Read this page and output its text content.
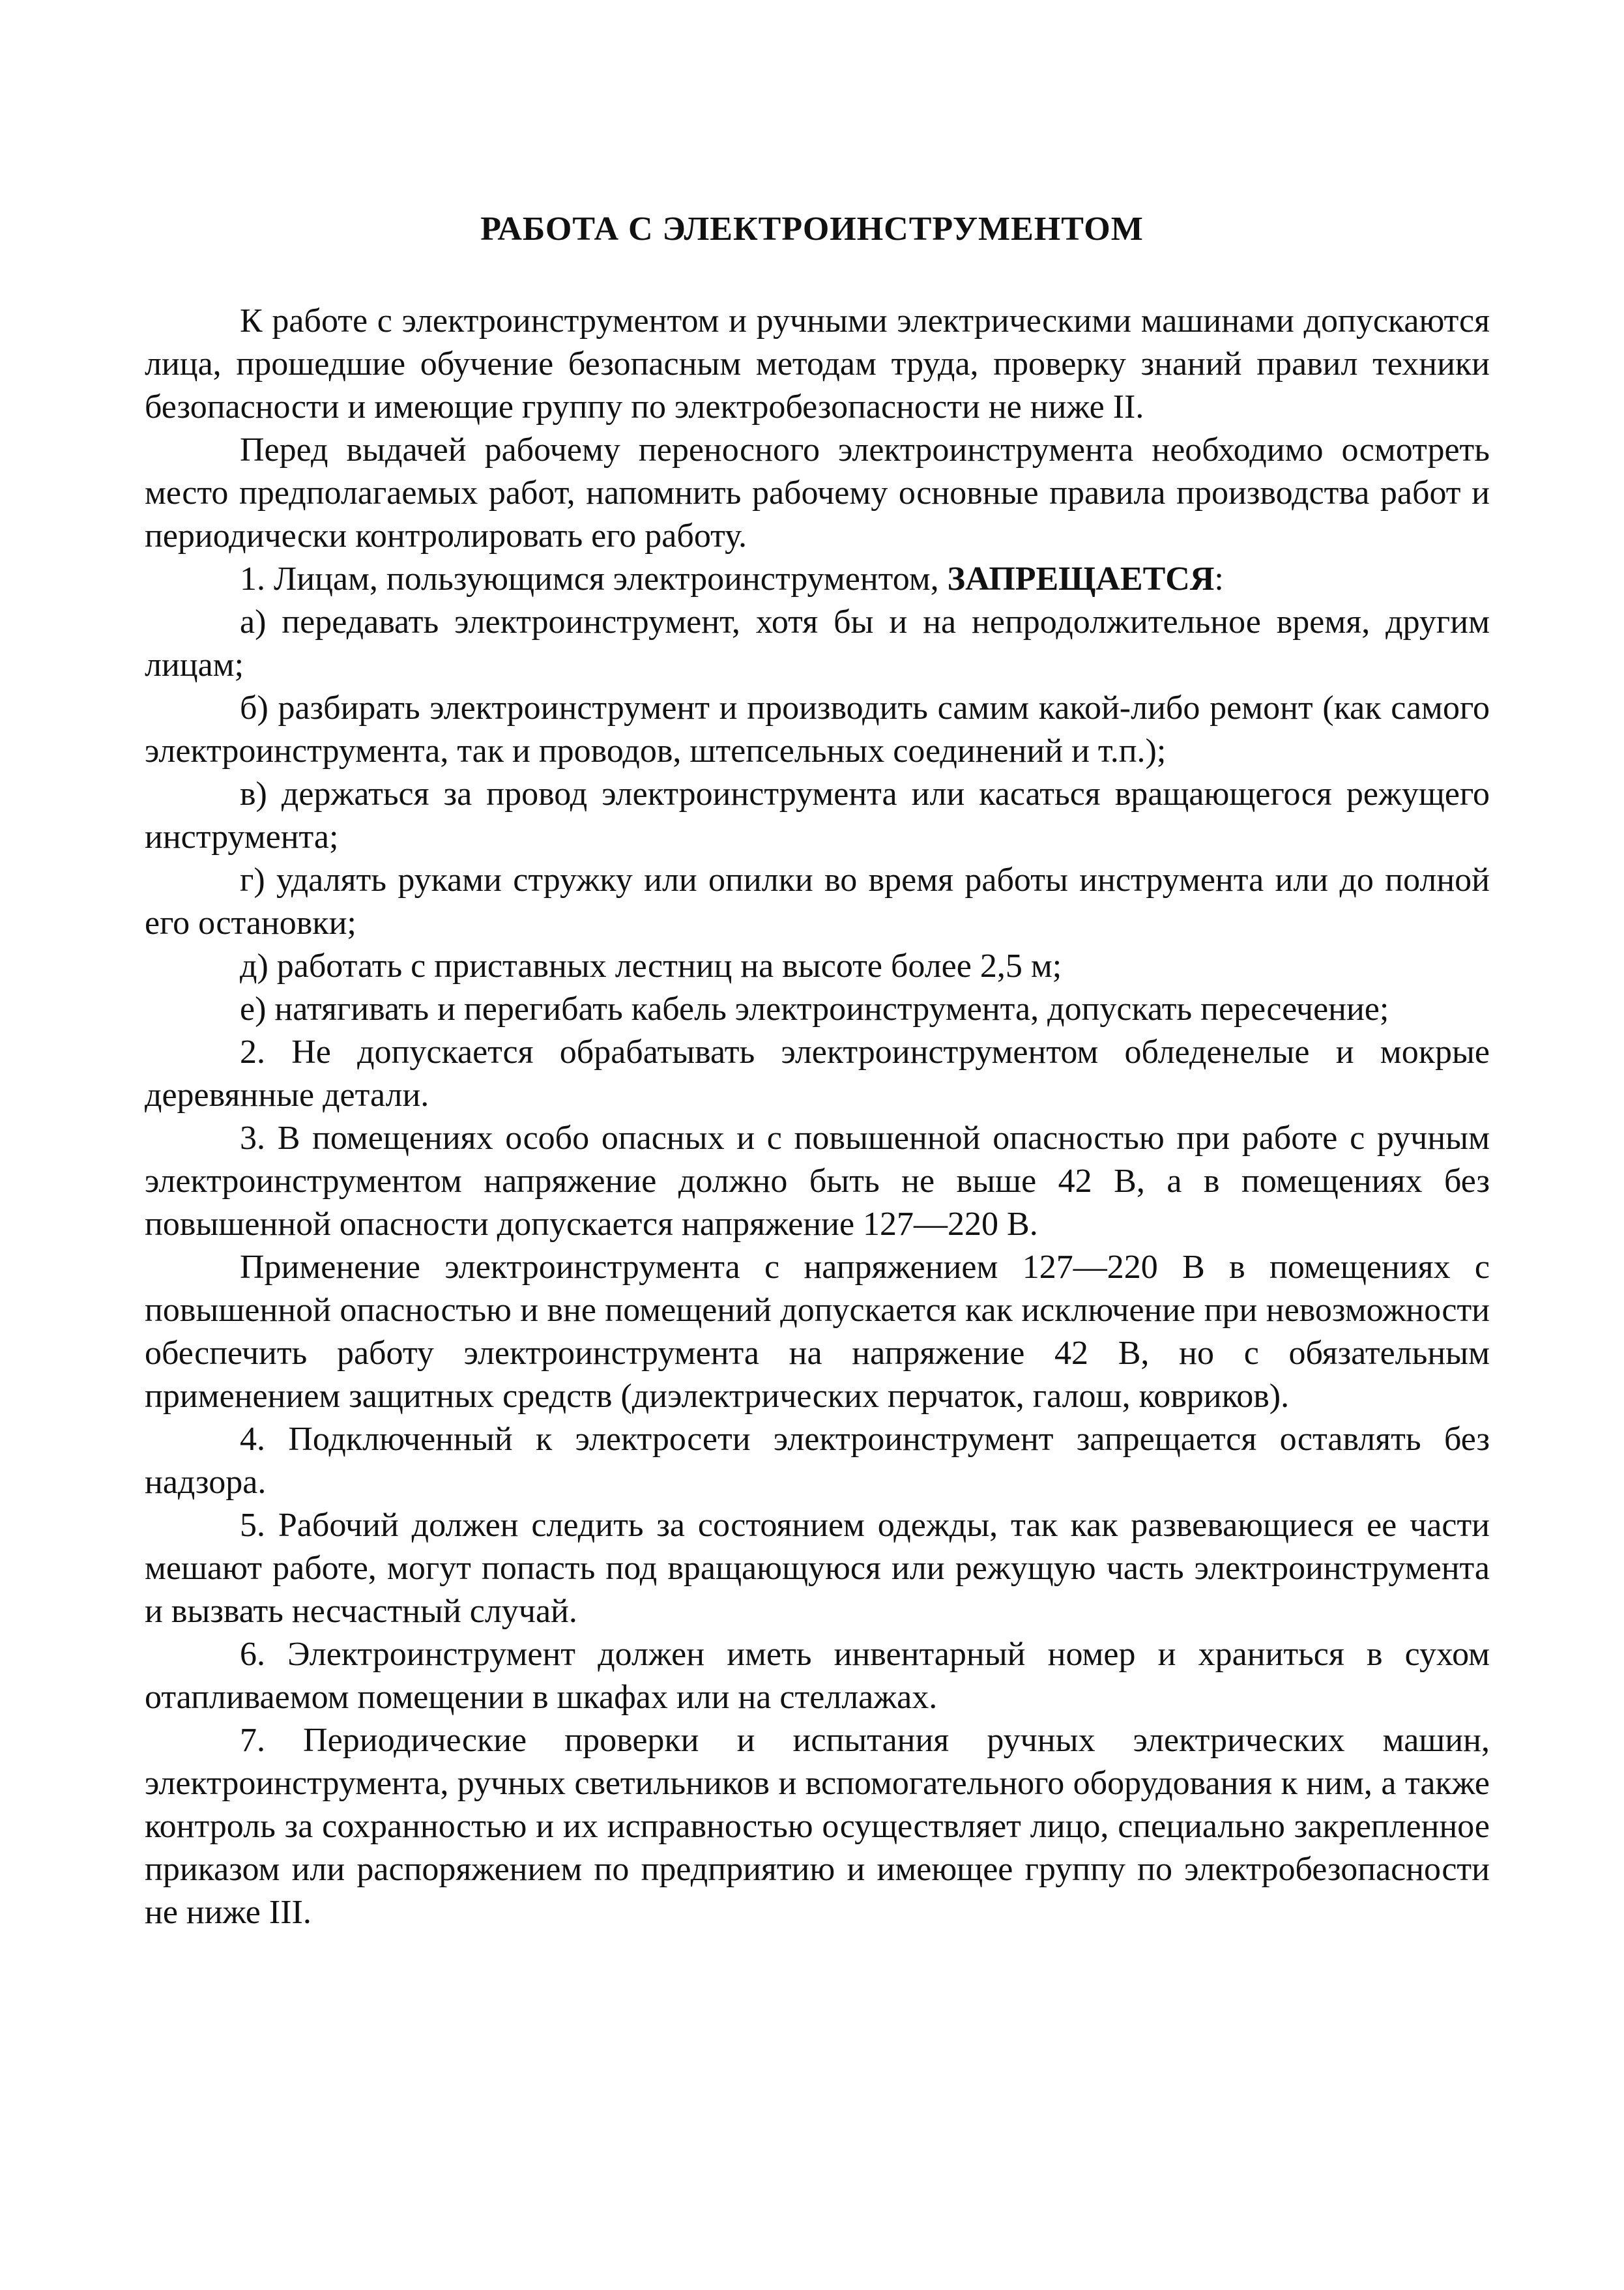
РАБОТА С ЭЛЕКТРОИНСТРУМЕНТОМ

К работе с электроинструментом и ручными электрическими машинами допускаются лица, прошедшие обучение безопасным методам труда, проверку знаний правил техники безопасности и имеющие группу по электробезопасности не ниже II.

Перед выдачей рабочему переносного электроинструмента необходимо осмотреть место предполагаемых работ, напомнить рабочему основные правила производства работ и периодически контролировать его работу.

1. Лицам, пользующимся электроинструментом, ЗАПРЕЩАЕТСЯ:

а) передавать электроинструмент, хотя бы и на непродолжительное время, другим лицам;

б) разбирать электроинструмент и производить самим какой-либо ремонт (как самого электроинструмента, так и проводов, штепсельных соединений и т.п.);

в) держаться за провод электроинструмента или касаться вращающегося режущего инструмента;

г) удалять руками стружку или опилки во время работы инструмента или до полной его остановки;

д) работать с приставных лестниц на высоте более 2,5 м;

е) натягивать и перегибать кабель электроинструмента, допускать пересечение;

2. Не допускается обрабатывать электроинструментом обледенелые и мокрые деревянные детали.

3. В помещениях особо опасных и с повышенной опасностью при работе с ручным электроинструментом напряжение должно быть не выше 42 В, а в помещениях без повышенной опасности допускается напряжение 127—220 В.

Применение электроинструмента с напряжением 127—220 В в помещениях с повышенной опасностью и вне помещений допускается как исключение при невозможности обеспечить работу электроинструмента на напряжение 42 В, но с обязательным применением защитных средств (диэлектрических перчаток, галош, ковриков).

4. Подключенный к электросети электроинструмент запрещается оставлять без надзора.

5. Рабочий должен следить за состоянием одежды, так как развевающиеся ее части мешают работе, могут попасть под вращающуюся или режущую часть электроинструмента и вызвать несчастный случай.

6. Электроинструмент должен иметь инвентарный номер и храниться в сухом отапливаемом помещении в шкафах или на стеллажах.

7. Периодические проверки и испытания ручных электрических машин, электроинструмента, ручных светильников и вспомогательного оборудования к ним, а также контроль за сохранностью и их исправностью осуществляет лицо, специально закрепленное приказом или распоряжением по предприятию и имеющее группу по электробезопасности не ниже III.
